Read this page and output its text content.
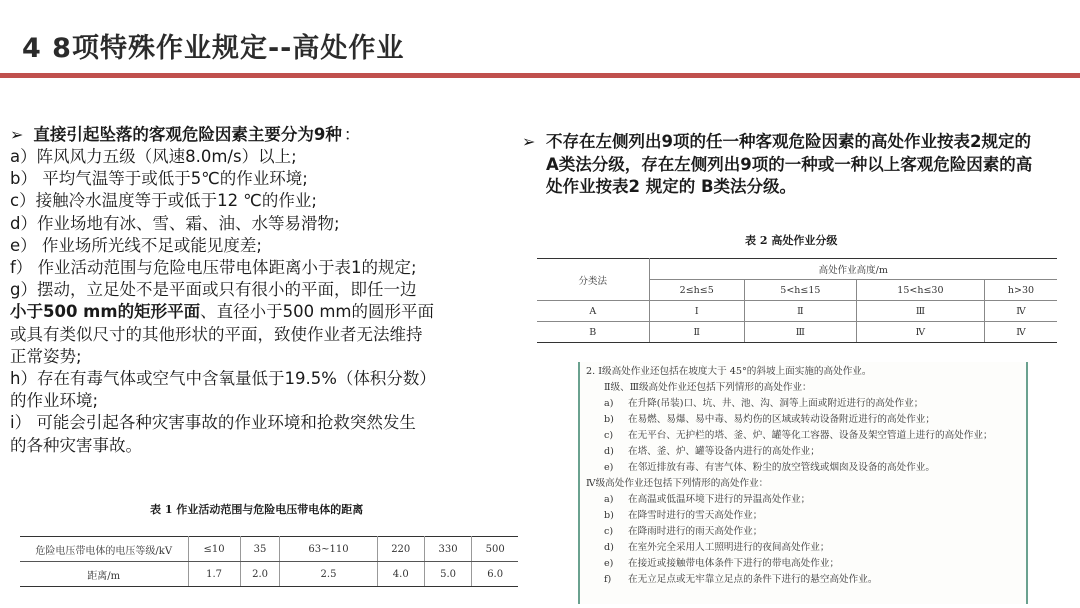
4 8项特殊作业规定--高处作业
➢ 直接引起坠落的客观危险因素主要分为9种 ：
a）阵风风力五级（风速8.0m/s）以上;
b） 平均气温等于或低于5℃的作业环境;
c）接触冷水温度等于或低于12 ℃的作业;
d）作业场地有冰、雪、霜、油、水等易滑物;
e） 作业场所光线不足或能见度差;
f） 作业活动范围与危险电压带电体距离小于表1的规定;
g）摆动，立足处不是平面或只有很小的平面，即任一边
小于500 mm的矩形平面、直径小于500 mm的圆形平面
或具有类似尺寸的其他形状的平面，致使作业者无法维持
正常姿势;
h）存在有毒气体或空气中含氧量低于19.5%（体积分数）
的作业环境;
i） 可能会引起各种灾害事故的作业环境和抢救突然发生
的各种灾害事故。
表 1 作业活动范围与危险电压带电体的距离
危险电压带电体的电压等级/kV	≤10	35	63~110	220	330	500
距离/m	1.7	2.0	2.5	4.0	5.0	6.0
➢ 不存在左侧列出9项的任一种客观危险因素的高处作业按表2规定的 A类法分级，存在左侧列出9项的一种或一种以上客观危险因素的高处作业按表2 规定的 B类法分级。
表 2 高处作业分级
分类法	高处作业高度/m			
	2≤h≤5	5<h≤15	15<h≤30	h>30
A	Ⅰ	Ⅱ	Ⅲ	Ⅳ
B	Ⅱ	Ⅲ	Ⅳ	Ⅳ
2. Ⅰ级高处作业还包括在坡度大于 45°的斜坡上面实施的高处作业。
Ⅱ级、Ⅲ级高处作业还包括下列情形的高处作业：
a) 在升降(吊装)口、坑、井、池、沟、洞等上面或附近进行的高处作业；
b) 在易燃、易爆、易中毒、易灼伤的区域或转动设备附近进行的高处作业；
c) 在无平台、无护栏的塔、釜、炉、罐等化工容器、设备及架空管道上进行的高处作业；
d) 在塔、釜、炉、罐等设备内进行的高处作业；
e) 在邻近排放有毒、有害气体、粉尘的放空管线或烟囱及设备的高处作业。
Ⅳ级高处作业还包括下列情形的高处作业：
a) 在高温或低温环境下进行的异温高处作业；
b) 在降雪时进行的雪天高处作业；
c) 在降雨时进行的雨天高处作业；
d) 在室外完全采用人工照明进行的夜间高处作业；
e) 在接近或接触带电体条件下进行的带电高处作业；
f) 在无立足点或无牢靠立足点的条件下进行的悬空高处作业。
